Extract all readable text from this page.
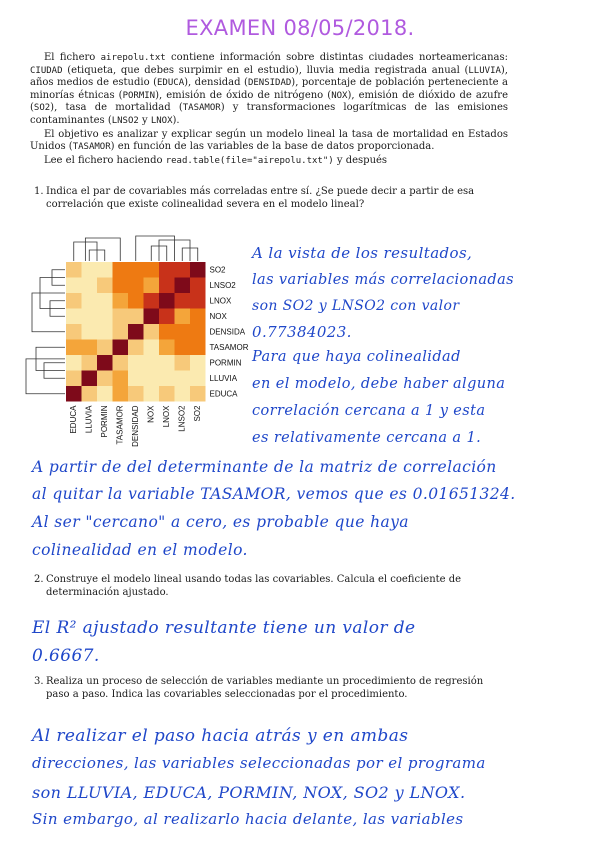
EXAMEN 08/05/2018.

El fichero airepolu.txt contiene información sobre distintas ciudades norteamericanas: CIUDAD (etiqueta, que debes surpimir en el estudio), lluvia media registrada anual (LLUVIA), años medios de estudio (EDUCA), densidad (DENSIDAD), porcentaje de población perteneciente a minorías étnicas (PORMIN), emisión de óxido de nitrógeno (NOX), emisión de dióxido de azufre (SO2), tasa de mortalidad (TASAMOR) y transformaciones logarítmicas de las emisiones contaminantes (LNSO2 y LNOX).

El objetivo es analizar y explicar según un modelo lineal la tasa de mortalidad en Estados Unidos (TASAMOR) en función de las variables de la base de datos proporcionada.

Lee el fichero haciendo read.table(file="airepolu.txt") y después

1. Indica el par de covariables más correladas entre sí. ¿Se puede decir a partir de esa correlación que existe colinealidad severa en el modelo lineal?
SO2
LNSO2
LNOX
NOX
DENSIDA
TASAMOR
PORMIN
LLUVIA
EDUCA
EDUCA LLUVIA PORMIN TASAMOR DENSIDAD NOX LNOX LNSO2 SO2
A la vista de los resultados,
las variables más correlacionadas
son SO2 y LNSO2 con valor
0.77384023.
Para que haya colinealidad
en el modelo, debe haber alguna
correlación cercana a 1 y esta
es relativamente cercana a 1.
A partir de del determinante de la matriz de correlación
al quitar la variable TASAMOR, vemos que es 0.01651324.
Al ser "cercano" a cero, es probable que haya
colinealidad en el modelo.
2. Construye el modelo lineal usando todas las covariables. Calcula el coeficiente de determinación ajustado.
El R² ajustado resultante tiene un valor de
0.6667.
3. Realiza un proceso de selección de variables mediante un procedimiento de regresión paso a paso. Indica las covariables seleccionadas por el procedimiento.
Al realizar el paso hacia atrás y en ambas
direcciones, las variables seleccionadas por el programa
son LLUVIA, EDUCA, PORMIN, NOX, SO2 y LNOX.
Sin embargo, al realizarlo hacia delante, las variables
